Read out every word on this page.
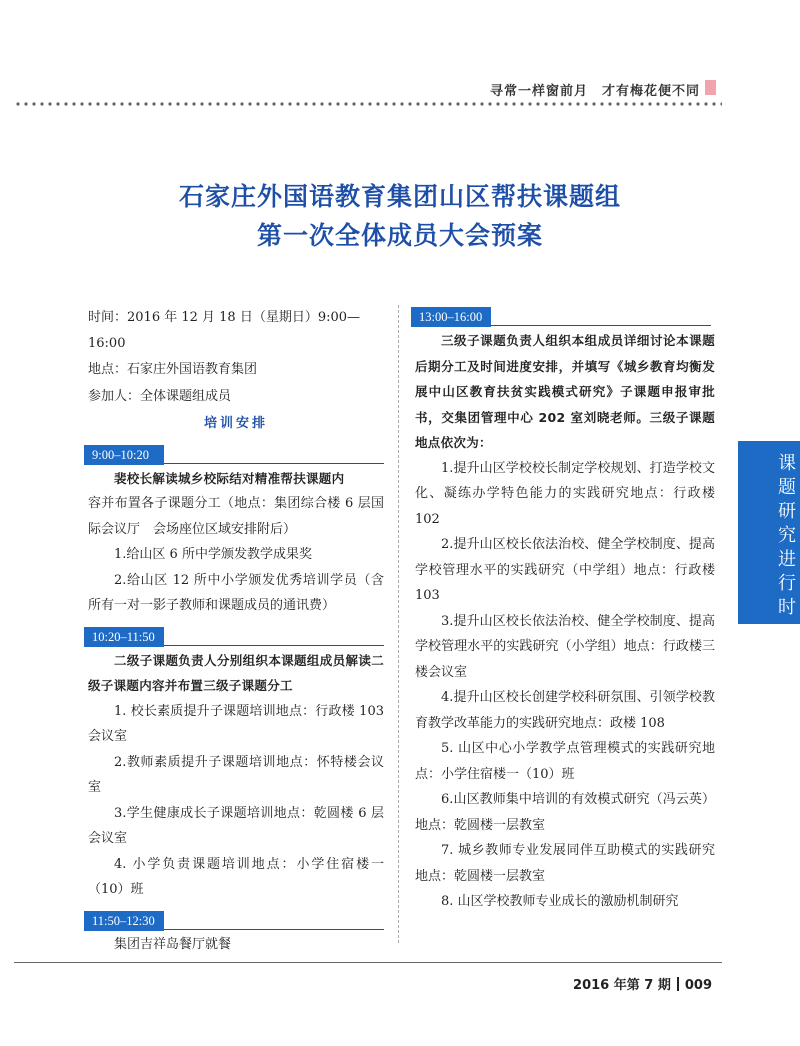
寻常一样窗前月　才有梅花便不同
石家庄外国语教育集团山区帮扶课题组
第一次全体成员大会预案
时间：2016 年 12 月 18 日（星期日）9:00—16:00
地点：石家庄外国语教育集团
参加人：全体课题组成员
培训安排
9:00–10:20

裴校长解读城乡校际结对精准帮扶课题内

容并布置各子课题分工（地点：集团综合楼 6 层国际会议厅　会场座位区域安排附后）

1.给山区 6 所中学颁发教学成果奖

2.给山区 12 所中小学颁发优秀培训学员（含所有一对一影子教师和课题成员的通讯费）

10:20–11:50

二级子课题负责人分别组织本课题组成员解读二级子课题内容并布置三级子课题分工

1. 校长素质提升子课题培训地点：行政楼 103 会议室

2.教师素质提升子课题培训地点：怀特楼会议室

3.学生健康成长子课题培训地点：乾圆楼 6 层会议室

4. 小学负责课题培训地点：小学住宿楼一（10）班

11:50–12:30

集团吉祥岛餐厅就餐

13:00–16:00

三级子课题负责人组织本组成员详细讨论本课题后期分工及时间进度安排，并填写《城乡教育均衡发展中山区教育扶贫实践模式研究》子课题申报审批书，交集团管理中心 202 室刘晓老师。三级子课题地点依次为：

1.提升山区学校校长制定学校规划、打造学校文化、凝练办学特色能力的实践研究地点：行政楼 102

2.提升山区校长依法治校、健全学校制度、提高学校管理水平的实践研究（中学组）地点：行政楼 103

3.提升山区校长依法治校、健全学校制度、提高学校管理水平的实践研究（小学组）地点：行政楼三楼会议室

4.提升山区校长创建学校科研氛围、引领学校教育教学改革能力的实践研究地点：政楼 108

5. 山区中心小学教学点管理模式的实践研究地点：小学住宿楼一（10）班

6.山区教师集中培训的有效模式研究（冯云英）地点：乾圆楼一层教室

7. 城乡教师专业发展同伴互助模式的实践研究地点：乾圆楼一层教室

8. 山区学校教师专业成长的激励机制研究

课题研究进行时
2016 年第 7 期 009
